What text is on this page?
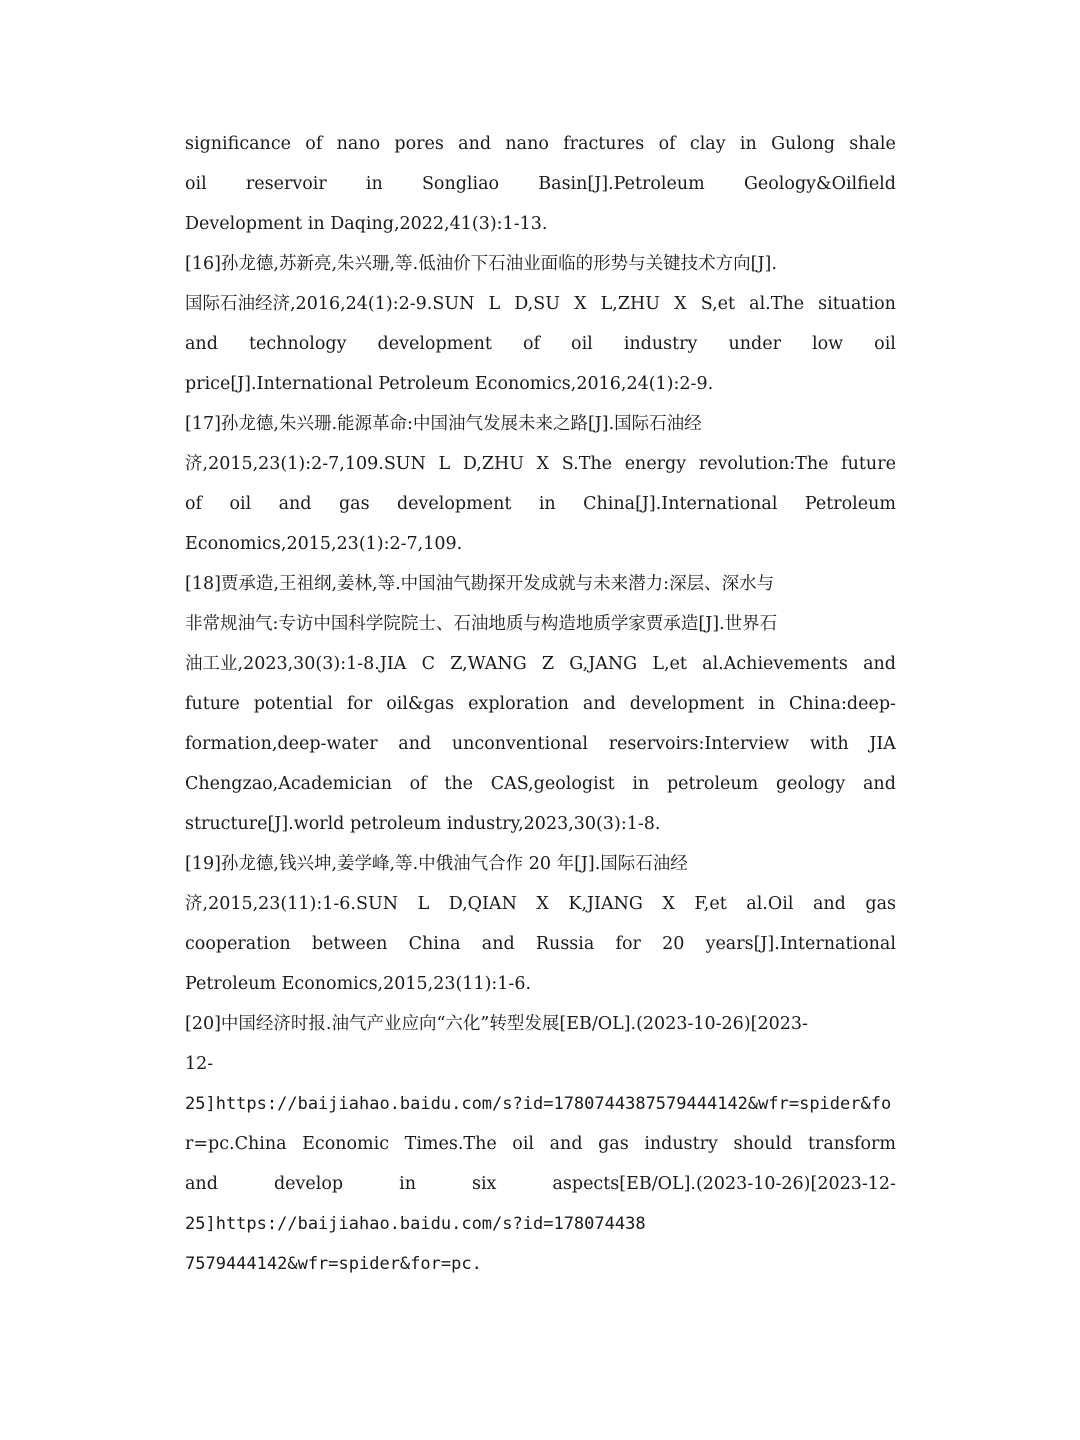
significance of nano pores and nano fractures of clay in Gulong shale
oil reservoir in Songliao Basin[J].Petroleum Geology&Oilfield
Development in Daqing,2022,41(3):1-13.
[16]孙龙德,苏新亮,朱兴珊,等.低油价下石油业面临的形势与关键技术方向[J].
国际石油经济,2016,24(1):2-9.SUN L D,SU X L,ZHU X S,et al.The situation
and technology development of oil industry under low oil
price[J].International Petroleum Economics,2016,24(1):2-9.
[17]孙龙德,朱兴珊.能源革命:中国油气发展未来之路[J].国际石油经
济,2015,23(1):2-7,109.SUN L D,ZHU X S.The energy revolution:The future
of oil and gas development in China[J].International Petroleum
Economics,2015,23(1):2-7,109.
[18]贾承造,王祖纲,姜林,等.中国油气勘探开发成就与未来潜力:深层、深水与
非常规油气:专访中国科学院院士、石油地质与构造地质学家贾承造[J].世界石
油工业,2023,30(3):1-8.JIA C Z,WANG Z G,JANG L,et al.Achievements and
future potential for oil&gas exploration and development in China:deep-
formation,deep-water and unconventional reservoirs:Interview with JIA
Chengzao,Academician of the CAS,geologist in petroleum geology and
structure[J].world petroleum industry,2023,30(3):1-8.
[19]孙龙德,钱兴坤,姜学峰,等.中俄油气合作 20 年[J].国际石油经
济,2015,23(11):1-6.SUN L D,QIAN X K,JIANG X F,et al.Oil and gas
cooperation between China and Russia for 20 years[J].International
Petroleum Economics,2015,23(11):1-6.
[20]中国经济时报.油气产业应向“六化”转型发展[EB/OL].(2023-10-26)[2023-
12-
25]https://baijiahao.baidu.com/s?id=1780744387579444142&wfr=spider&fo
r=pc.China Economic Times.The oil and gas industry should transform
and	develop	in	six	aspects[EB/OL].(2023-10-26)[2023-12-
25]https://baijiahao.baidu.com/s?id=178074438
7579444142&wfr=spider&for=pc.
